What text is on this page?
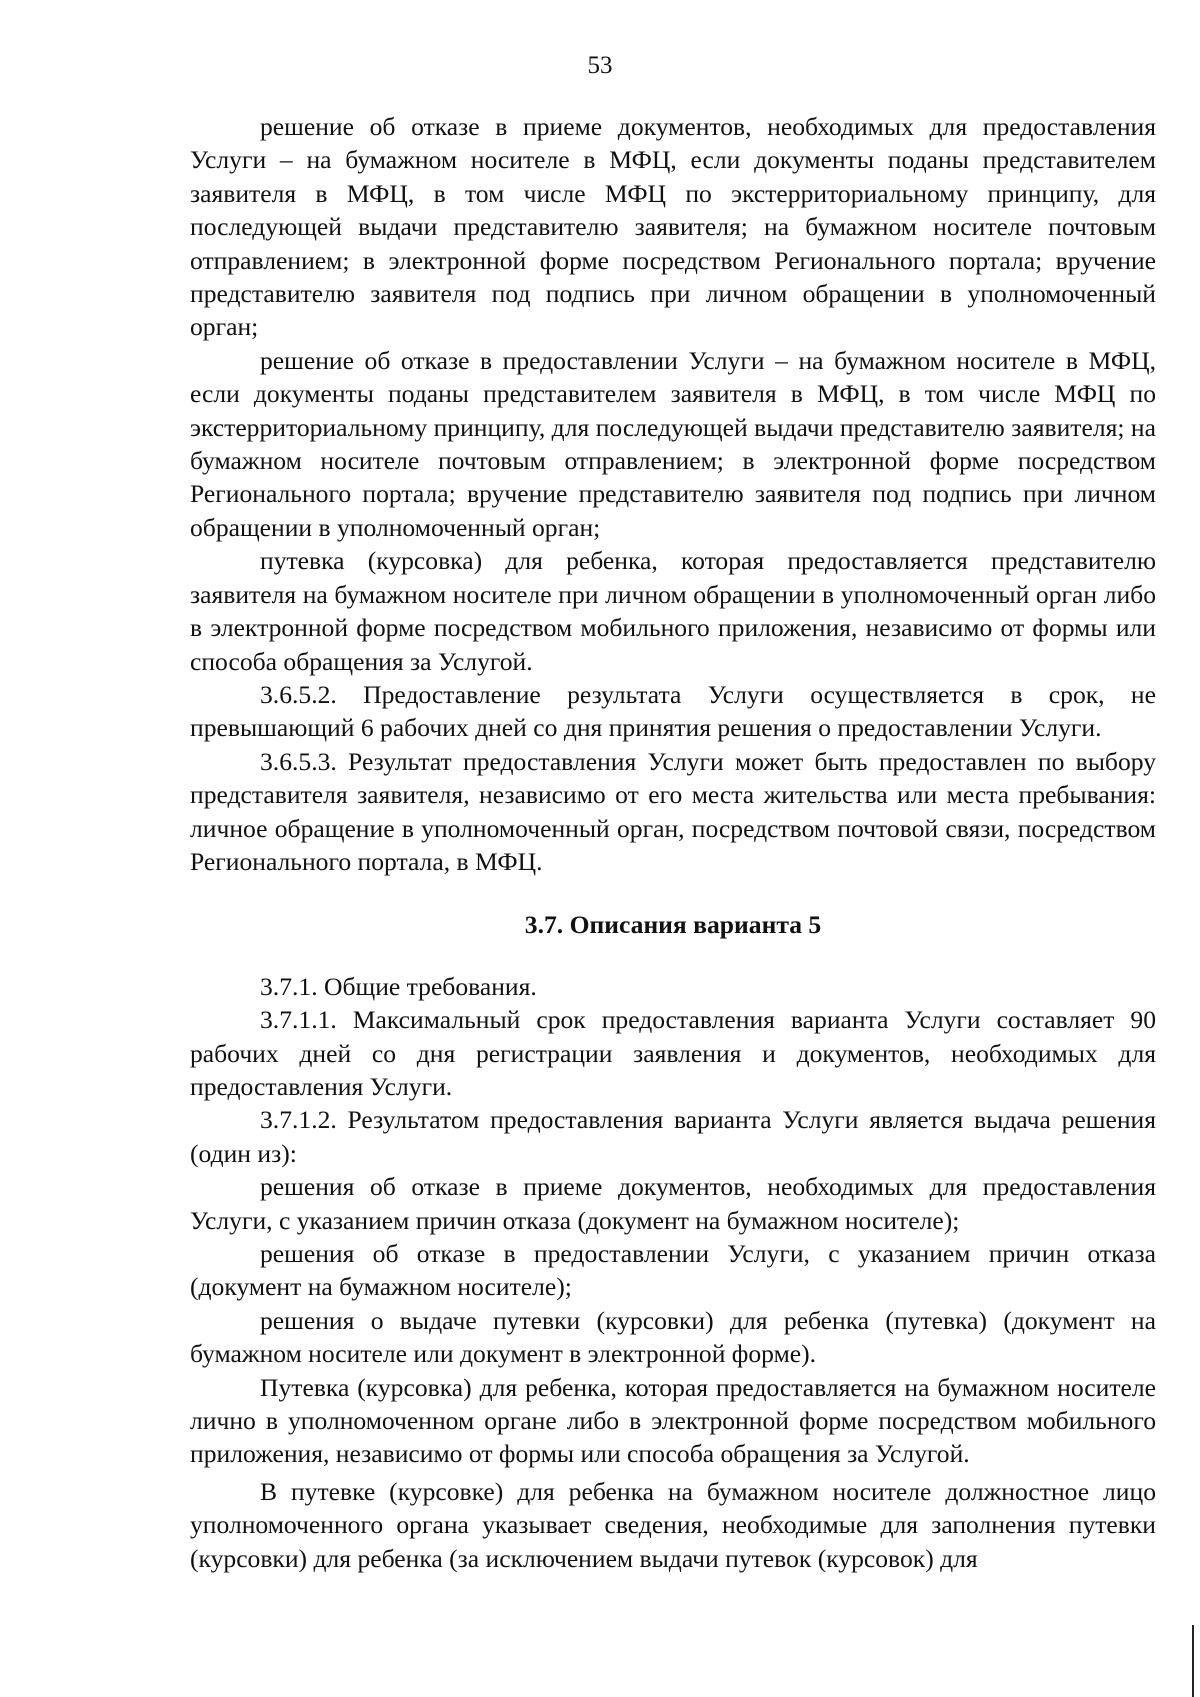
53

решение об отказе в приеме документов, необходимых для предоставления Услуги – на бумажном носителе в МФЦ, если документы поданы представителем заявителя в МФЦ, в том числе МФЦ по экстерриториальному принципу, для последующей выдачи представителю заявителя; на бумажном носителе почтовым отправлением; в электронной форме посредством Регионального портала; вручение представителю заявителя под подпись при личном обращении в уполномоченный орган;

решение об отказе в предоставлении Услуги – на бумажном носителе в МФЦ, если документы поданы представителем заявителя в МФЦ, в том числе МФЦ по экстерриториальному принципу, для последующей выдачи представителю заявителя; на бумажном носителе почтовым отправлением; в электронной форме посредством Регионального портала; вручение представителю заявителя под подпись при личном обращении в уполномоченный орган;

путевка (курсовка) для ребенка, которая предоставляется представителю заявителя на бумажном носителе при личном обращении в уполномоченный орган либо в электронной форме посредством мобильного приложения, независимо от формы или способа обращения за Услугой.

3.6.5.2. Предоставление результата Услуги осуществляется в срок, не превышающий 6 рабочих дней со дня принятия решения о предоставлении Услуги.

3.6.5.3. Результат предоставления Услуги может быть предоставлен по выбору представителя заявителя, независимо от его места жительства или места пребывания: личное обращение в уполномоченный орган, посредством почтовой связи, посредством Регионального портала, в МФЦ.

3.7. Описания варианта 5

3.7.1. Общие требования.

3.7.1.1. Максимальный срок предоставления варианта Услуги составляет 90 рабочих дней со дня регистрации заявления и документов, необходимых для предоставления Услуги.

3.7.1.2. Результатом предоставления варианта Услуги является выдача решения (один из):

решения об отказе в приеме документов, необходимых для предоставления Услуги, с указанием причин отказа (документ на бумажном носителе);

решения об отказе в предоставлении Услуги, с указанием причин отказа (документ на бумажном носителе);

решения о выдаче путевки (курсовки) для ребенка (путевка) (документ на бумажном носителе или документ в электронной форме).

Путевка (курсовка) для ребенка, которая предоставляется на бумажном носителе лично в уполномоченном органе либо в электронной форме посредством мобильного приложения, независимо от формы или способа обращения за Услугой.

В путевке (курсовке) для ребенка на бумажном носителе должностное лицо уполномоченного органа указывает сведения, необходимые для заполнения путевки (курсовки) для ребенка (за исключением выдачи путевок (курсовок) для
